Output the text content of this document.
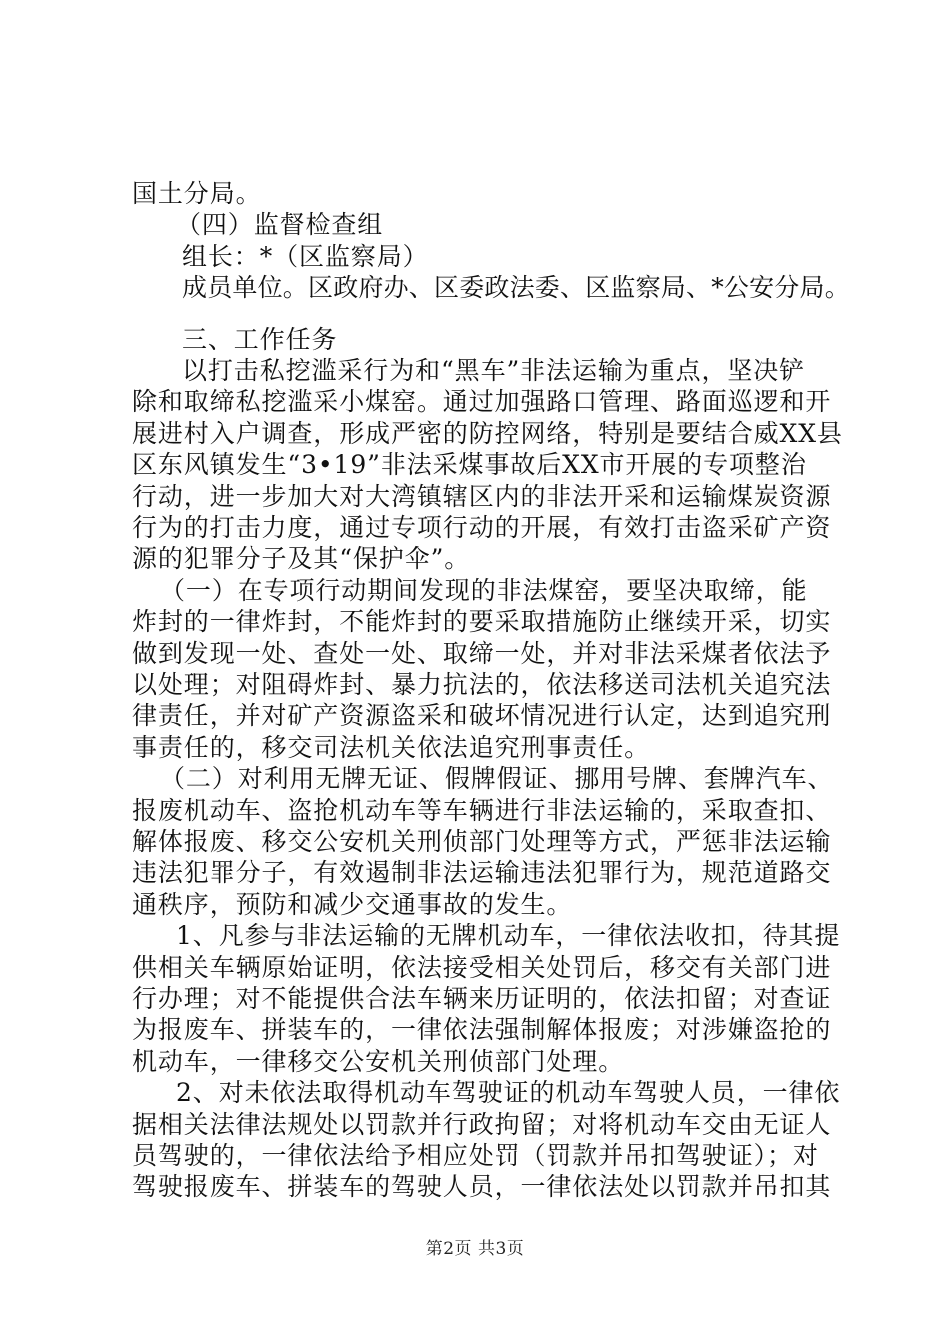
国土分局。
（四）监督检查组
组长：*（区监察局）
成员单位。区政府办、区委政法委、区监察局、*公安分局。
三、工作任务
以打击私挖滥采行为和“黑车”非法运输为重点，坚决铲
除和取缔私挖滥采小煤窑。通过加强路口管理、路面巡逻和开
展进村入户调查，形成严密的防控网络，特别是要结合威XX县
区东风镇发生“3•19”非法采煤事故后XX市开展的专项整治
行动，进一步加大对大湾镇辖区内的非法开采和运输煤炭资源
行为的打击力度，通过专项行动的开展，有效打击盗采矿产资
源的犯罪分子及其“保护伞”。
（一）在专项行动期间发现的非法煤窑，要坚决取缔，能
炸封的一律炸封，不能炸封的要采取措施防止继续开采，切实
做到发现一处、查处一处、取缔一处，并对非法采煤者依法予
以处理；对阻碍炸封、暴力抗法的，依法移送司法机关追究法
律责任，并对矿产资源盗采和破坏情况进行认定，达到追究刑
事责任的，移交司法机关依法追究刑事责任。
（二）对利用无牌无证、假牌假证、挪用号牌、套牌汽车、
报废机动车、盗抢机动车等车辆进行非法运输的，采取查扣、
解体报废、移交公安机关刑侦部门处理等方式，严惩非法运输
违法犯罪分子，有效遏制非法运输违法犯罪行为，规范道路交
通秩序，预防和减少交通事故的发生。
1、凡参与非法运输的无牌机动车，一律依法收扣，待其提
供相关车辆原始证明，依法接受相关处罚后，移交有关部门进
行办理；对不能提供合法车辆来历证明的，依法扣留；对查证
为报废车、拼装车的，一律依法强制解体报废；对涉嫌盗抢的
机动车，一律移交公安机关刑侦部门处理。
2、对未依法取得机动车驾驶证的机动车驾驶人员，一律依
据相关法律法规处以罚款并行政拘留；对将机动车交由无证人
员驾驶的，一律依法给予相应处罚（罚款并吊扣驾驶证）；对
驾驶报废车、拼装车的驾驶人员，一律依法处以罚款并吊扣其
第2页 共3页
